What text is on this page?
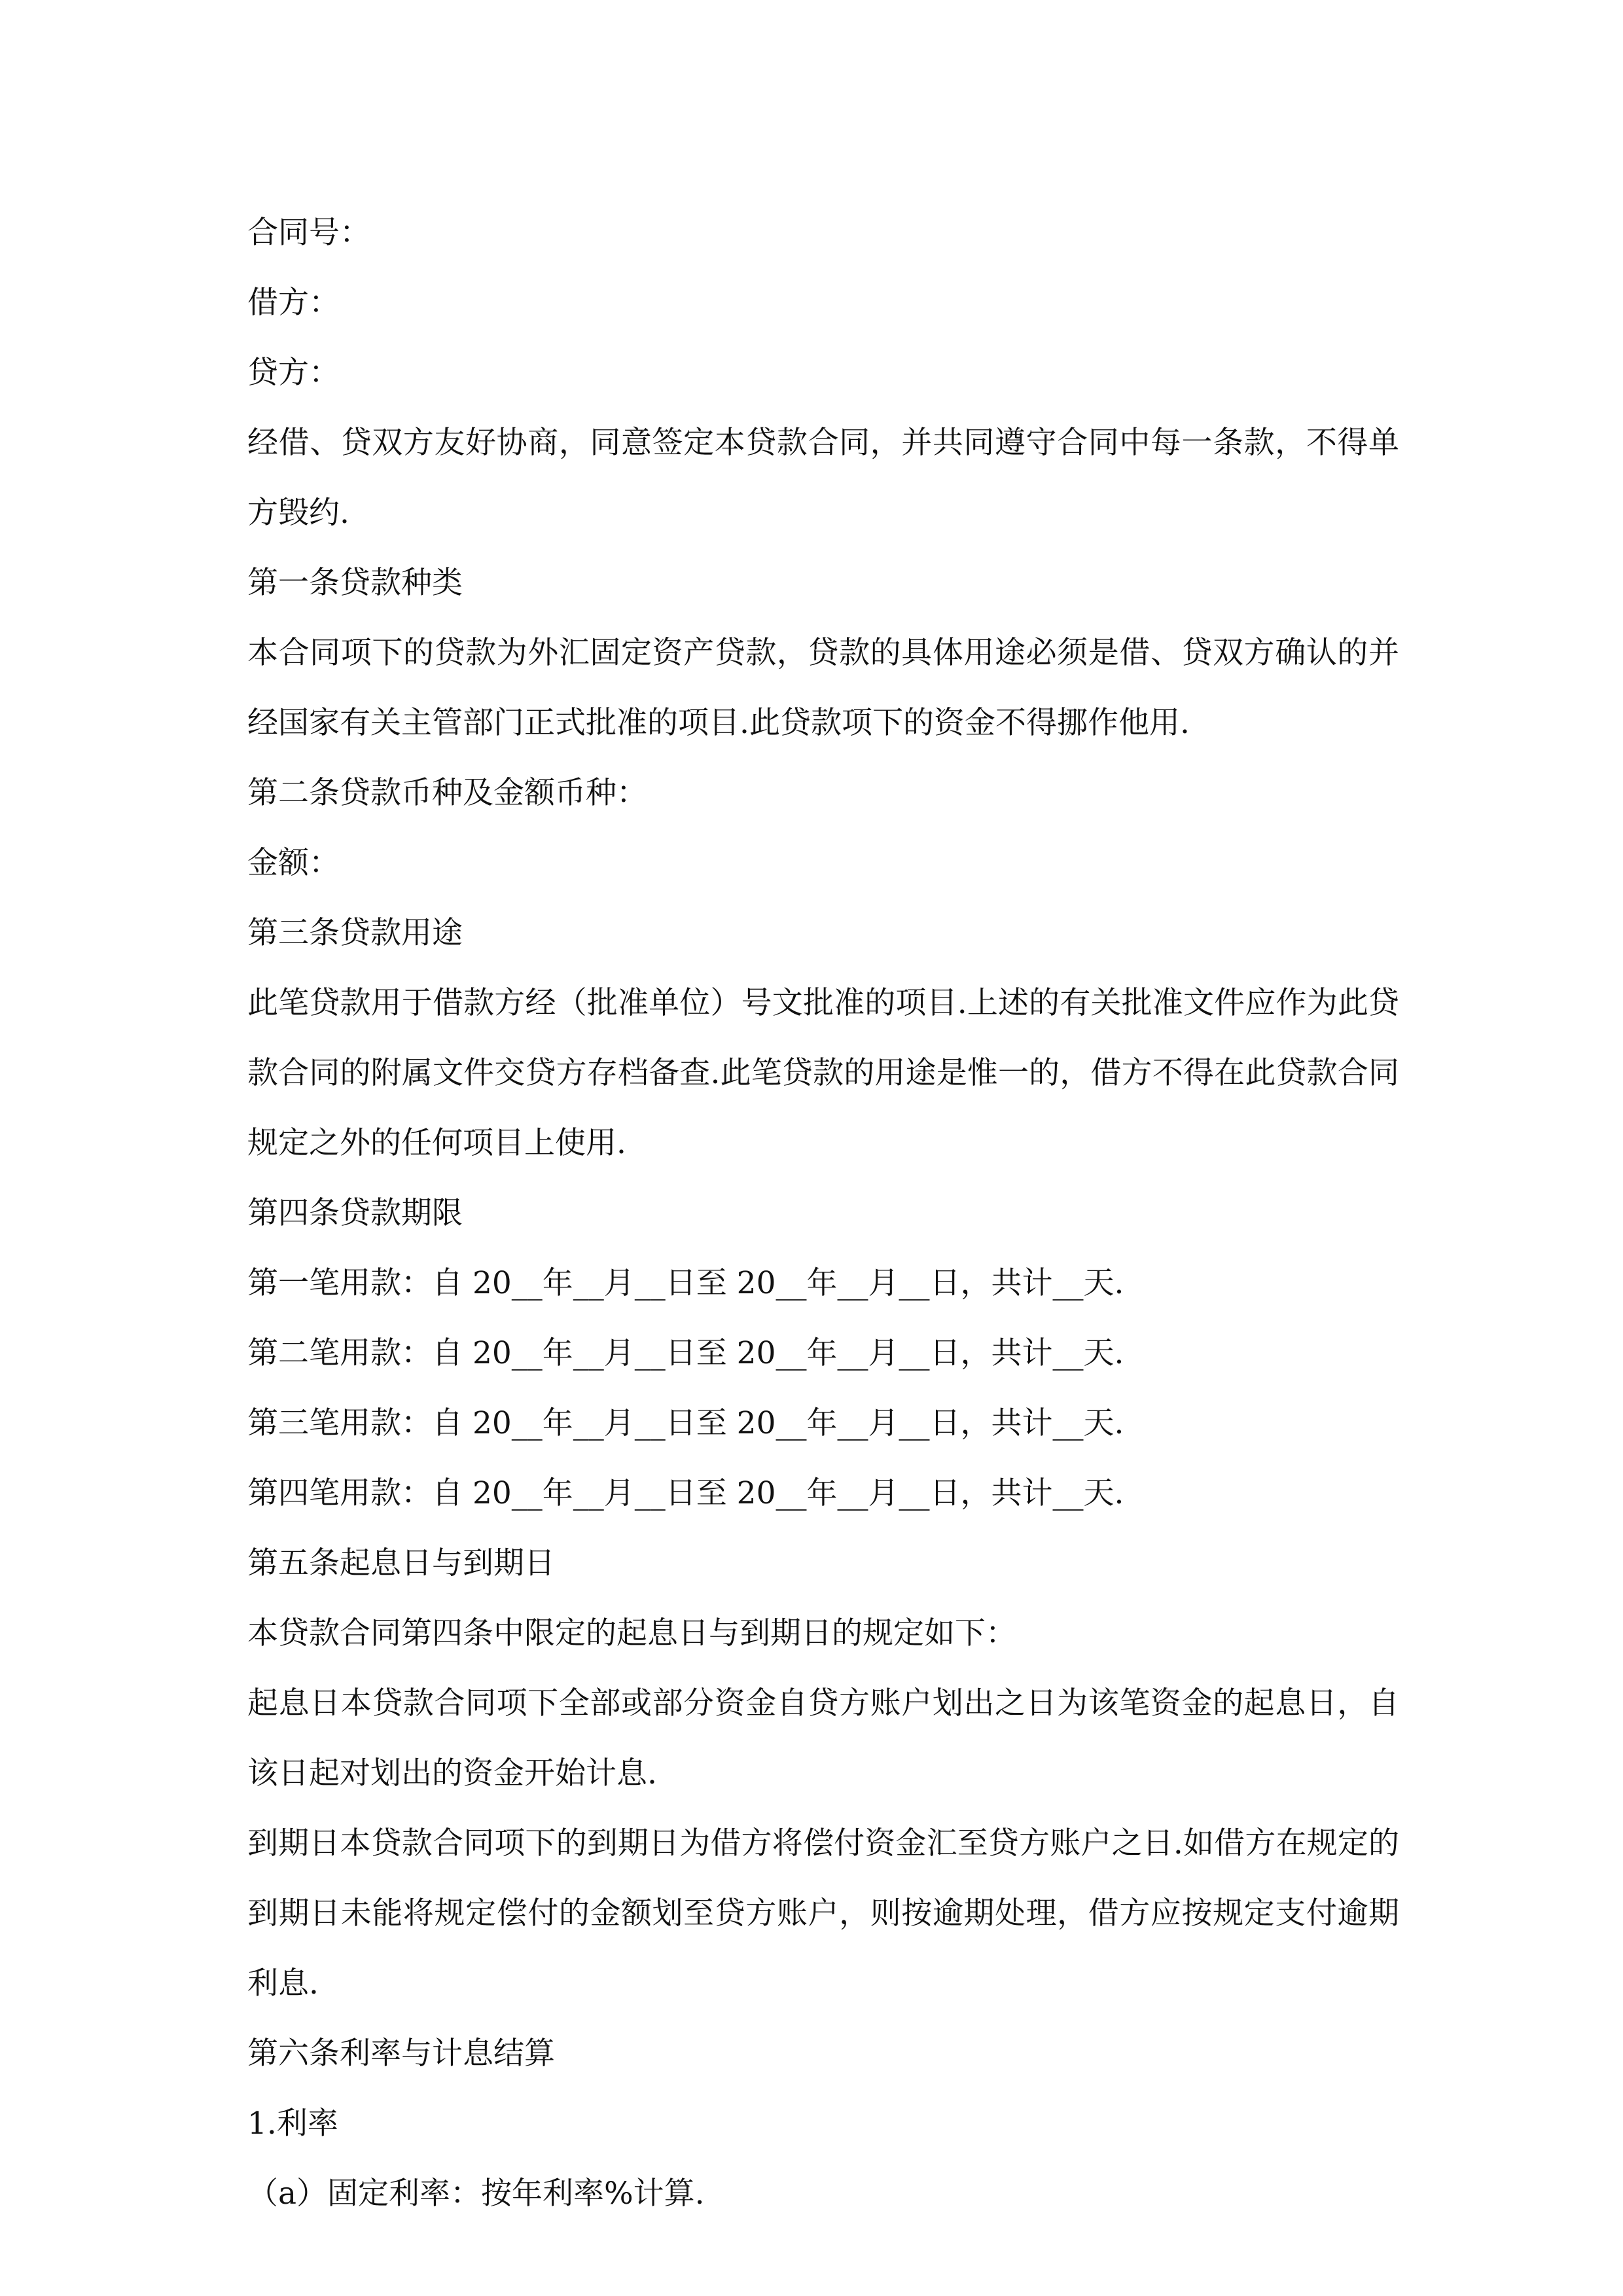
合同号：

借方：

贷方：

经借、贷双方友好协商，同意签定本贷款合同，并共同遵守合同中每一条款，不得单方毁约.

第一条贷款种类

本合同项下的贷款为外汇固定资产贷款，贷款的具体用途必须是借、贷双方确认的并经国家有关主管部门正式批准的项目.此贷款项下的资金不得挪作他用.

第二条贷款币种及金额币种：

金额：

第三条贷款用途

此笔贷款用于借款方经（批准单位）号文批准的项目.上述的有关批准文件应作为此贷款合同的附属文件交贷方存档备查.此笔贷款的用途是惟一的，借方不得在此贷款合同规定之外的任何项目上使用.

第四条贷款期限

第一笔用款：自 20__年__月__日至 20__年__月__日，共计__天.

第二笔用款：自 20__年__月__日至 20__年__月__日，共计__天.

第三笔用款：自 20__年__月__日至 20__年__月__日，共计__天.

第四笔用款：自 20__年__月__日至 20__年__月__日，共计__天.

第五条起息日与到期日

本贷款合同第四条中限定的起息日与到期日的规定如下：

起息日本贷款合同项下全部或部分资金自贷方账户划出之日为该笔资金的起息日，自该日起对划出的资金开始计息.

到期日本贷款合同项下的到期日为借方将偿付资金汇至贷方账户之日.如借方在规定的到期日未能将规定偿付的金额划至贷方账户，则按逾期处理，借方应按规定支付逾期利息.

第六条利率与计息结算

1.利率

（a）固定利率：按年利率%计算.
